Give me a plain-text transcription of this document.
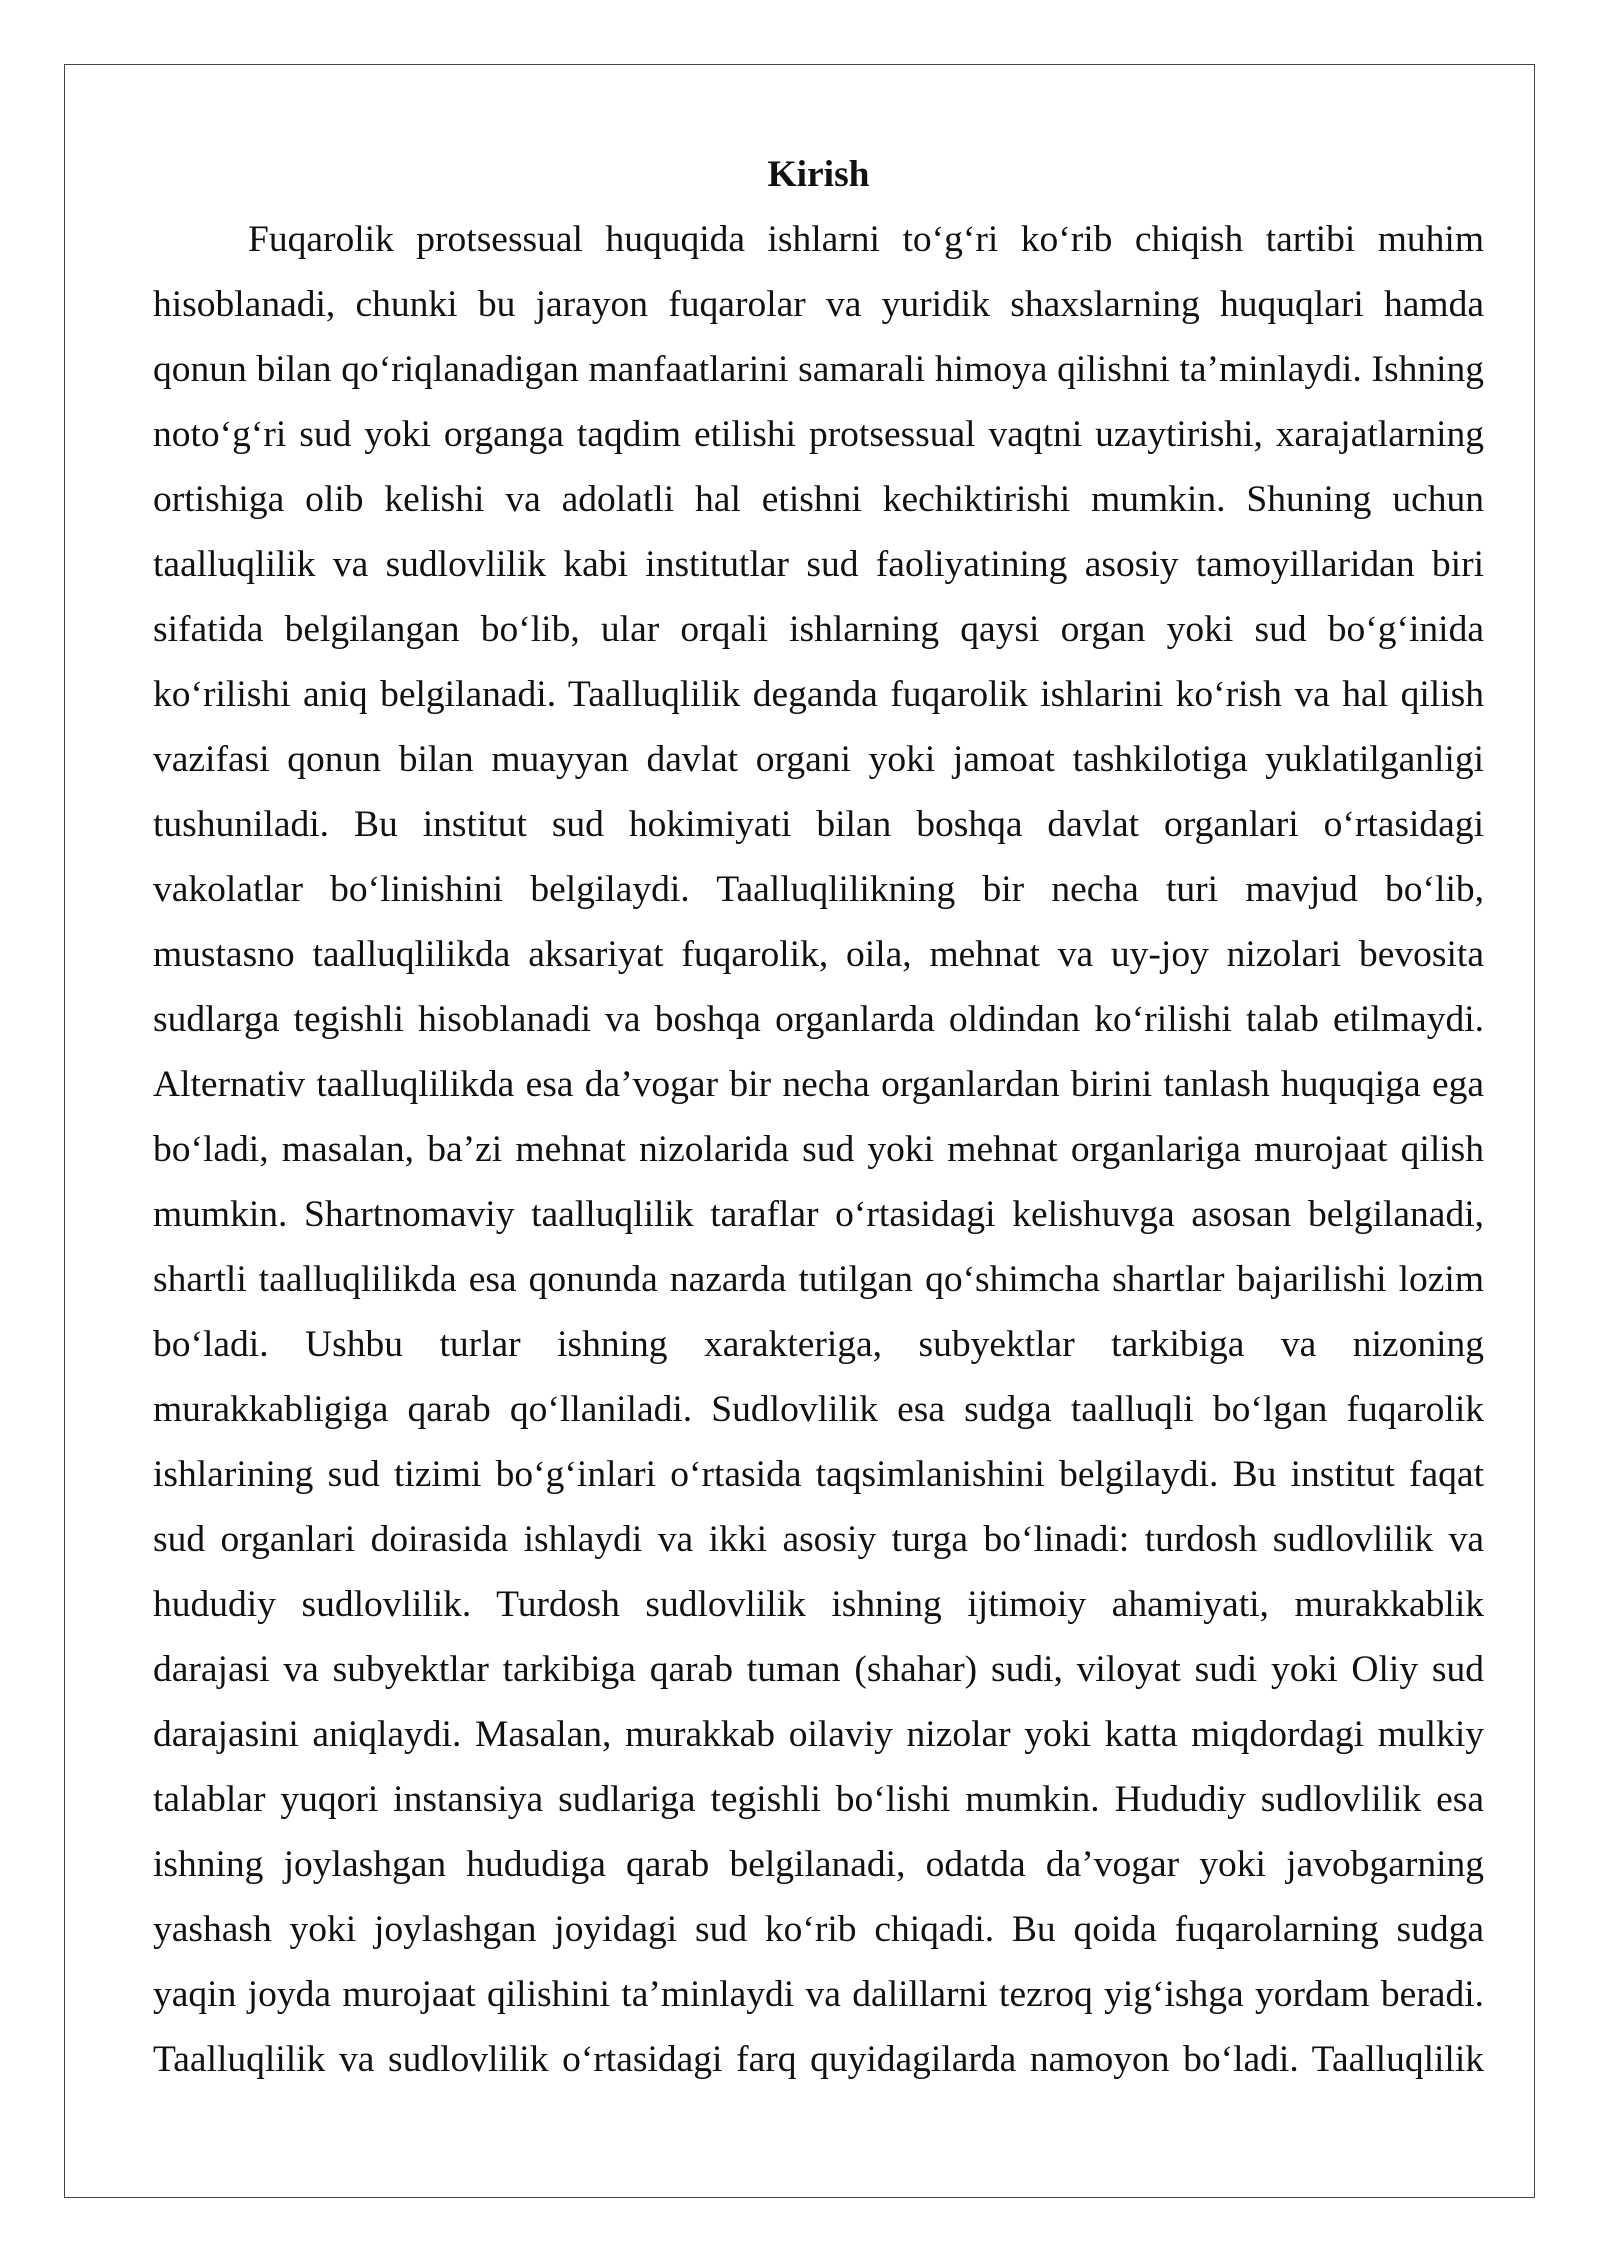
Kirish
Fuqarolik protsessual huquqida ishlarni to‘g‘ri ko‘rib chiqish tartibi muhim
hisoblanadi, chunki bu jarayon fuqarolar va yuridik shaxslarning huquqlari hamda
qonun bilan qo‘riqlanadigan manfaatlarini samarali himoya qilishni ta’minlaydi. Ishning
noto‘g‘ri sud yoki organga taqdim etilishi protsessual vaqtni uzaytirishi, xarajatlarning
ortishiga olib kelishi va adolatli hal etishni kechiktirishi mumkin. Shuning uchun
taalluqlilik va sudlovlilik kabi institutlar sud faoliyatining asosiy tamoyillaridan biri
sifatida belgilangan bo‘lib, ular orqali ishlarning qaysi organ yoki sud bo‘g‘inida
ko‘rilishi aniq belgilanadi. Taalluqlilik deganda fuqarolik ishlarini ko‘rish va hal qilish
vazifasi qonun bilan muayyan davlat organi yoki jamoat tashkilotiga yuklatilganligi
tushuniladi. Bu institut sud hokimiyati bilan boshqa davlat organlari o‘rtasidagi
vakolatlar bo‘linishini belgilaydi. Taalluqlilikning bir necha turi mavjud bo‘lib,
mustasno taalluqlilikda aksariyat fuqarolik, oila, mehnat va uy-joy nizolari bevosita
sudlarga tegishli hisoblanadi va boshqa organlarda oldindan ko‘rilishi talab etilmaydi.
Alternativ taalluqlilikda esa da’vogar bir necha organlardan birini tanlash huquqiga ega
bo‘ladi, masalan, ba’zi mehnat nizolarida sud yoki mehnat organlariga murojaat qilish
mumkin. Shartnomaviy taalluqlilik taraflar o‘rtasidagi kelishuvga asosan belgilanadi,
shartli taalluqlilikda esa qonunda nazarda tutilgan qo‘shimcha shartlar bajarilishi lozim
bo‘ladi. Ushbu turlar ishning xarakteriga, subyektlar tarkibiga va nizoning
murakkabligiga qarab qo‘llaniladi. Sudlovlilik esa sudga taalluqli bo‘lgan fuqarolik
ishlarining sud tizimi bo‘g‘inlari o‘rtasida taqsimlanishini belgilaydi. Bu institut faqat
sud organlari doirasida ishlaydi va ikki asosiy turga bo‘linadi: turdosh sudlovlilik va
hududiy sudlovlilik. Turdosh sudlovlilik ishning ijtimoiy ahamiyati, murakkablik
darajasi va subyektlar tarkibiga qarab tuman (shahar) sudi, viloyat sudi yoki Oliy sud
darajasini aniqlaydi. Masalan, murakkab oilaviy nizolar yoki katta miqdordagi mulkiy
talablar yuqori instansiya sudlariga tegishli bo‘lishi mumkin. Hududiy sudlovlilik esa
ishning joylashgan hududiga qarab belgilanadi, odatda da’vogar yoki javobgarning
yashash yoki joylashgan joyidagi sud ko‘rib chiqadi. Bu qoida fuqarolarning sudga
yaqin joyda murojaat qilishini ta’minlaydi va dalillarni tezroq yig‘ishga yordam beradi.
Taalluqlilik va sudlovlilik o‘rtasidagi farq quyidagilarda namoyon bo‘ladi. Taalluqlilik
